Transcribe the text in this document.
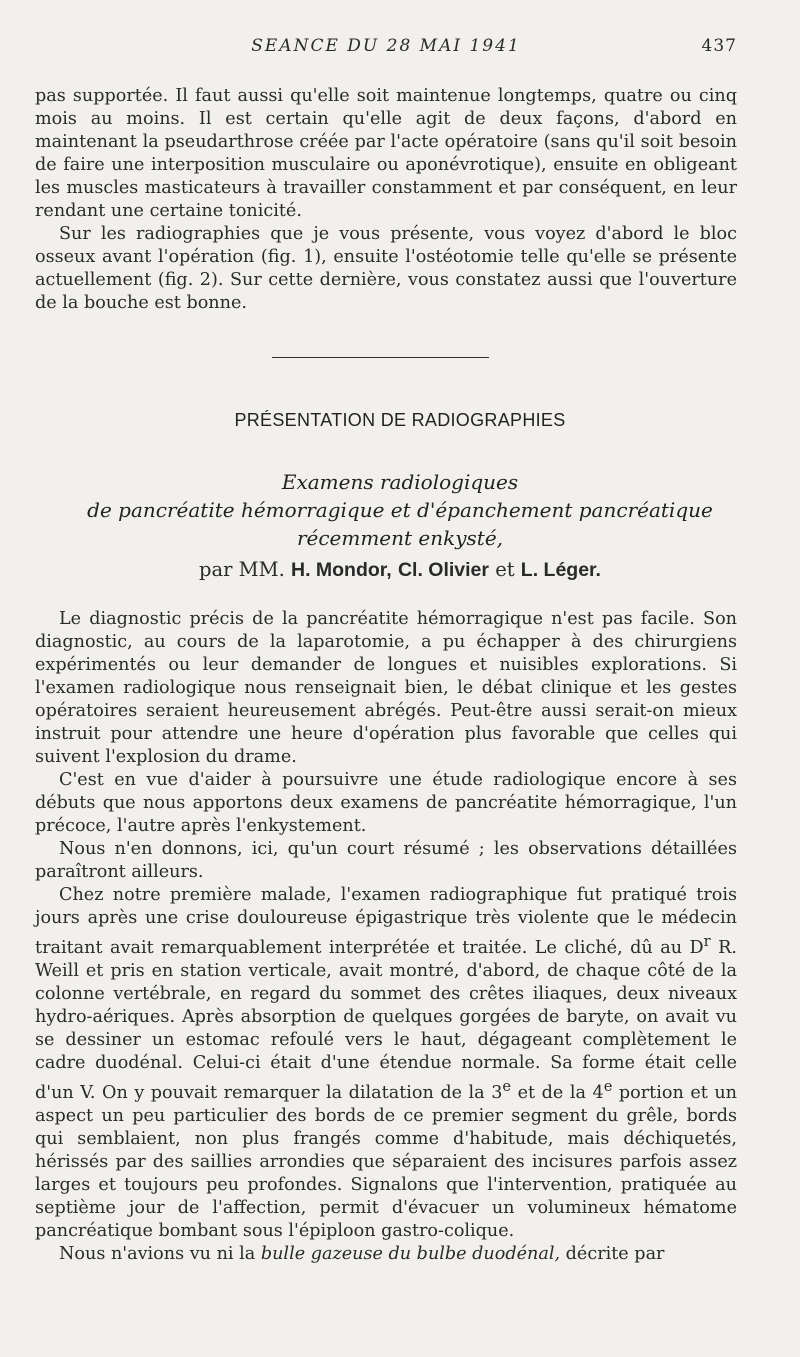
SEANCE DU 28 MAI 1941	437

pas supportée. Il faut aussi qu'elle soit maintenue longtemps, quatre ou cinq mois au moins. Il est certain qu'elle agit de deux façons, d'abord en maintenant la pseudarthrose créée par l'acte opératoire (sans qu'il soit besoin de faire une interposition musculaire ou aponévrotique), ensuite en obligeant les muscles masticateurs à travailler constamment et par conséquent, en leur rendant une certaine tonicité.

Sur les radiographies que je vous présente, vous voyez d'abord le bloc osseux avant l'opération (fig. 1), ensuite l'ostéotomie telle qu'elle se présente actuellement (fig. 2). Sur cette dernière, vous constatez aussi que l'ouverture de la bouche est bonne.

PRÉSENTATION DE RADIOGRAPHIES
Examens radiologiques
de pancréatite hémorragique et d'épanchement pancréatique
récemment enkysté,
par MM. H. Mondor, Cl. Olivier et L. Léger.

Le diagnostic précis de la pancréatite hémorragique n'est pas facile. Son diagnostic, au cours de la laparotomie, a pu échapper à des chirurgiens expérimentés ou leur demander de longues et nuisibles explorations. Si l'examen radiologique nous renseignait bien, le débat clinique et les gestes opératoires seraient heureusement abrégés. Peut-être aussi serait-on mieux instruit pour attendre une heure d'opération plus favorable que celles qui suivent l'explosion du drame.

C'est en vue d'aider à poursuivre une étude radiologique encore à ses débuts que nous apportons deux examens de pancréatite hémorragique, l'un précoce, l'autre après l'enkystement.

Nous n'en donnons, ici, qu'un court résumé ; les observations détaillées paraîtront ailleurs.

Chez notre première malade, l'examen radiographique fut pratiqué trois jours après une crise douloureuse épigastrique très violente que le médecin traitant avait remarquablement interprétée et traitée. Le cliché, dû au $D^r$ R. Weill et pris en station verticale, avait montré, d'abord, de chaque côté de la colonne vertébrale, en regard du sommet des crêtes iliaques, deux niveaux hydro-aériques. Après absorption de quelques gorgées de baryte, on avait vu se dessiner un estomac refoulé vers le haut, dégageant complètement le cadre duodénal. Celui-ci était d'une étendue normale. Sa forme était celle d'un V. On y pouvait remarquer la dilatation de la 3e et de la 4e portion et un aspect un peu particulier des bords de ce premier segment du grêle, bords qui semblaient, non plus frangés comme d'habitude, mais déchiquetés, hérissés par des saillies arrondies que séparaient des incisures parfois assez larges et toujours peu profondes. Signalons que l'intervention, pratiquée au septième jour de l'affection, permit d'évacuer un volumineux hématome pancréatique bombant sous l'épiploon gastro-colique.

Nous n'avions vu ni la bulle gazeuse du bulbe duodénal, décrite par
